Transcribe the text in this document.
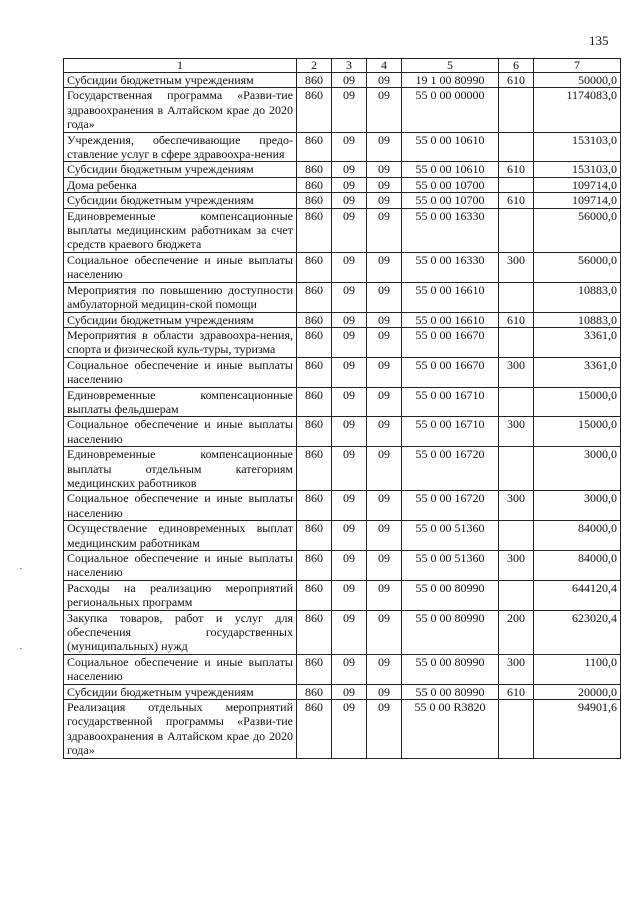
135
1	2	3	4	5	6	7
Субсидии бюджетным учреждениям	860	09	09	19 1 00 80990	610	50000,0
Государственная программа «Разви-тие здравоохранения в Алтайском крае до 2020 года»	860	09	09	55 0 00 00000		1174083,0
Учреждения, обеспечивающие предо-ставление услуг в сфере здравоохра-нения	860	09	09	55 0 00 10610		153103,0
Субсидии бюджетным учреждениям	860	09	09	55 0 00 10610	610	153103,0
Дома ребенка	860	09	09	55 0 00 10700		109714,0
Субсидии бюджетным учреждениям	860	09	09	55 0 00 10700	610	109714,0
Единовременные компенсационные выплаты медицинским работникам за счет средств краевого бюджета	860	09	09	55 0 00 16330		56000,0
Социальное обеспечение и иные выплаты населению	860	09	09	55 0 00 16330	300	56000,0
Мероприятия по повышению доступности амбулаторной медицин-ской помощи	860	09	09	55 0 00 16610		10883,0
Субсидии бюджетным учреждениям	860	09	09	55 0 00 16610	610	10883,0
Мероприятия в области здравоохра-нения, спорта и физической куль-туры, туризма	860	09	09	55 0 00 16670		3361,0
Социальное обеспечение и иные выплаты населению	860	09	09	55 0 00 16670	300	3361,0
Единовременные компенсационные выплаты фельдшерам	860	09	09	55 0 00 16710		15000,0
Социальное обеспечение и иные выплаты населению	860	09	09	55 0 00 16710	300	15000,0
Единовременные компенсационные выплаты отдельным категориям медицинских работников	860	09	09	55 0 00 16720		3000,0
Социальное обеспечение и иные выплаты населению	860	09	09	55 0 00 16720	300	3000,0
Осуществление единовременных выплат медицинским работникам	860	09	09	55 0 00 51360		84000,0
Социальное обеспечение и иные выплаты населению	860	09	09	55 0 00 51360	300	84000,0
Расходы на реализацию мероприятий региональных программ	860	09	09	55 0 00 80990		644120,4
Закупка товаров, работ и услуг для обеспечения государственных (муниципальных) нужд	860	09	09	55 0 00 80990	200	623020,4
Социальное обеспечение и иные выплаты населению	860	09	09	55 0 00 80990	300	1100,0
Субсидии бюджетным учреждениям	860	09	09	55 0 00 80990	610	20000,0
Реализация отдельных мероприятий государственной программы «Разви-тие здравоохранения в Алтайском крае до 2020 года»	860	09	09	55 0 00 R3820		94901,6
